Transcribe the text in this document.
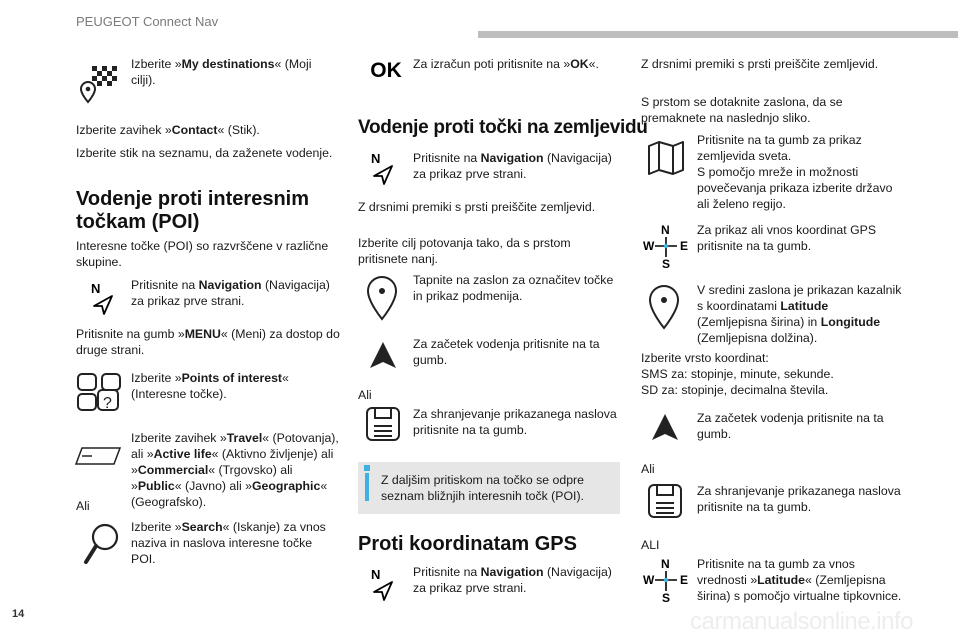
PEUGEOT Connect Nav
Izberite »My destinations« (Moji cilji).
Izberite zavihek »Contact« (Stik).
Izberite stik na seznamu, da zaženete vodenje.
Vodenje proti interesnim točkam (POI)
Interesne točke (POI) so razvrščene v različne skupine.
N Pritisnite na Navigation (Navigacija) za prikaz prve strani.
Pritisnite na gumb »MENU« (Meni) za dostop do druge strani.
?
Izberite »Points of interest« (Interesne točke).
Izberite zavihek »Travel« (Potovanja), ali »Active life« (Aktivno življenje) ali »Commercial« (Trgovsko) ali »Public« (Javno) ali »Geographic« (Geografsko).
Ali
Izberite »Search« (Iskanje) za vnos naziva in naslova interesne točke POI.
OK Za izračun poti pritisnite na »OK«.
Vodenje proti točki na zemljevidu
N	Pritisnite na Navigation (Navigacija) za prikaz prve strani.
Z drsnimi premiki s prsti preiščite zemljevid.
Izberite cilj potovanja tako, da s prstom pritisnete nanj.
Tapnite na zaslon za označitev točke in prikaz podmenija.
Za začetek vodenja pritisnite na ta gumb.
Ali
Za shranjevanje prikazanega naslova pritisnite na ta gumb.
Z daljšim pritiskom na točko se odpre seznam bližnjih interesnih točk (POI).
Proti koordinatam GPS
N	Pritisnite na Navigation (Navigacija) za prikaz prve strani.
Z drsnimi premiki s prsti preiščite zemljevid.
S prstom se dotaknite zaslona, da se premaknete na naslednjo sliko.
Pritisnite na ta gumb za prikaz zemljevida sveta.
S pomočjo mreže in možnosti povečevanja prikaza izberite državo ali želeno regijo.
N
W E
S
Za prikaz ali vnos koordinat GPS pritisnite na ta gumb.
V sredini zaslona je prikazan kazalnik s koordinatami Latitude (Zemljepisna širina) in Longitude (Zemljepisna dolžina).
Izberite vrsto koordinat:
SMS za: stopinje, minute, sekunde.
SD za: stopinje, decimalna števila.
Za začetek vodenja pritisnite na ta gumb.
Ali
Za shranjevanje prikazanega naslova pritisnite na ta gumb.
ALI
N
W E
S
Pritisnite na ta gumb za vnos vrednosti »Latitude« (Zemljepisna širina) s pomočjo virtualne tipkovnice.
14	carmanualsonline.info
